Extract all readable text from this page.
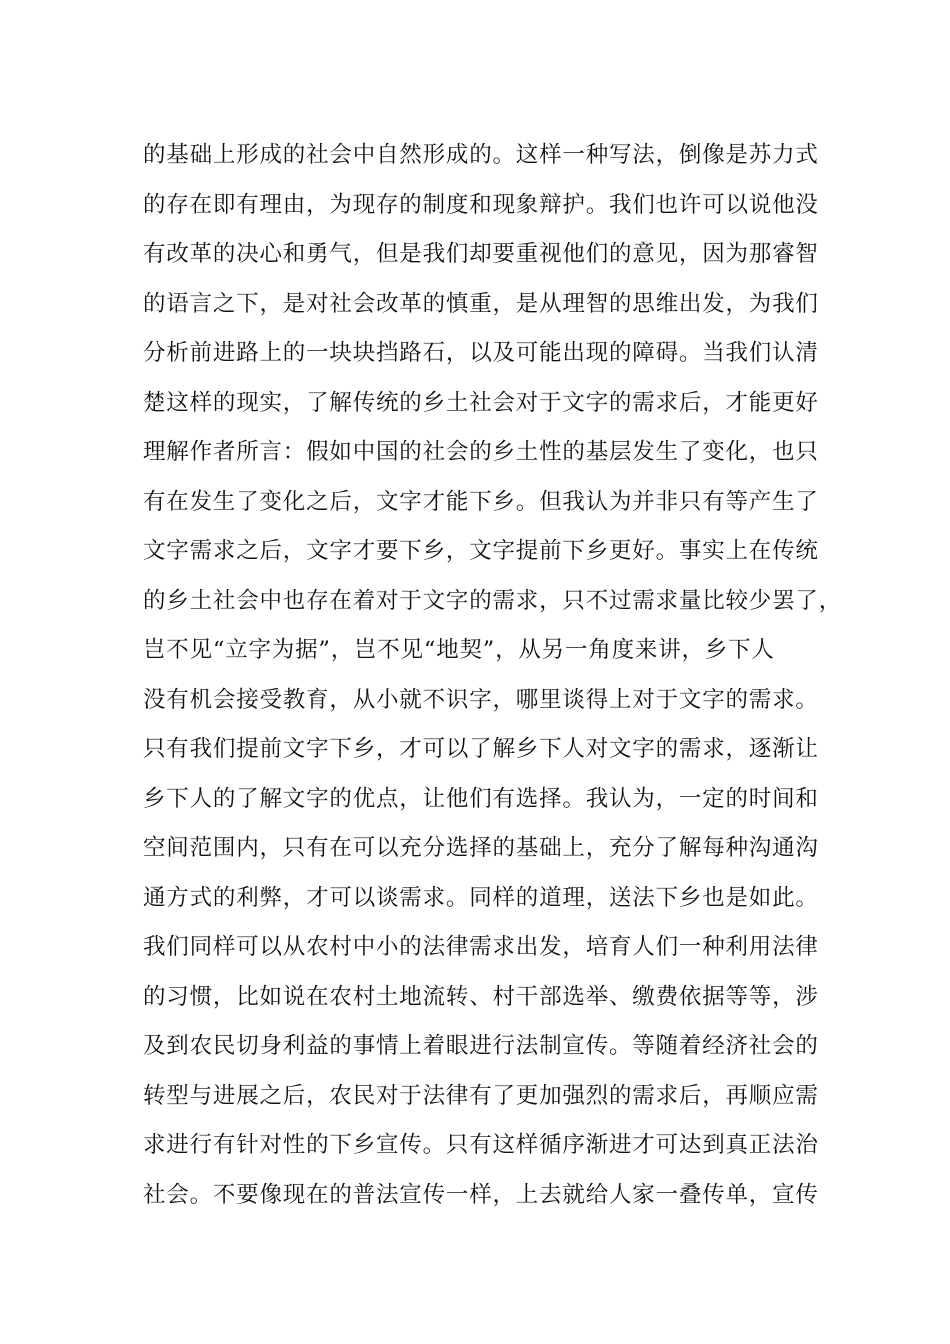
的基础上形成的社会中自然形成的。这样一种写法，倒像是苏力式
的存在即有理由，为现存的制度和现象辩护。我们也许可以说他没
有改革的决心和勇气，但是我们却要重视他们的意见，因为那睿智
的语言之下，是对社会改革的慎重，是从理智的思维出发，为我们
分析前进路上的一块块挡路石，以及可能出现的障碍。当我们认清
楚这样的现实，了解传统的乡土社会对于文字的需求后，才能更好
理解作者所言：假如中国的社会的乡土性的基层发生了变化，也只
有在发生了变化之后，文字才能下乡。但我认为并非只有等产生了
文字需求之后，文字才要下乡，文字提前下乡更好。事实上在传统
的乡土社会中也存在着对于文字的需求，只不过需求量比较少罢了，
岂不见“立字为据”，岂不见“地契”，从另一角度来讲，乡下人
没有机会接受教育，从小就不识字，哪里谈得上对于文字的需求。
只有我们提前文字下乡，才可以了解乡下人对文字的需求，逐渐让
乡下人的了解文字的优点，让他们有选择。我认为，一定的时间和
空间范围内，只有在可以充分选择的基础上，充分了解每种沟通沟
通方式的利弊，才可以谈需求。同样的道理，送法下乡也是如此。
我们同样可以从农村中小的法律需求出发，培育人们一种利用法律
的习惯，比如说在农村土地流转、村干部选举、缴费依据等等，涉
及到农民切身利益的事情上着眼进行法制宣传。等随着经济社会的
转型与进展之后，农民对于法律有了更加强烈的需求后，再顺应需
求进行有针对性的下乡宣传。只有这样循序渐进才可达到真正法治
社会。不要像现在的普法宣传一样，上去就给人家一叠传单，宣传
